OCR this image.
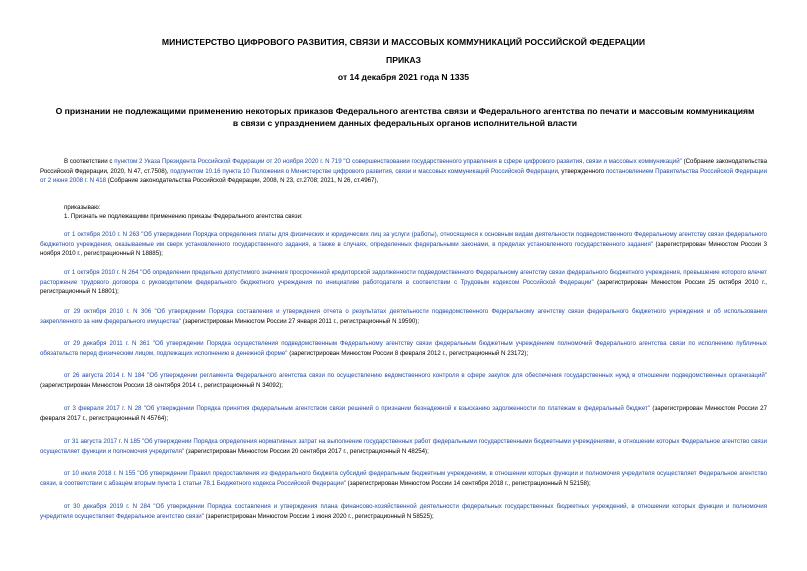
МИНИСТЕРСТВО ЦИФРОВОГО РАЗВИТИЯ, СВЯЗИ И МАССОВЫХ КОММУНИКАЦИЙ РОССИЙСКОЙ ФЕДЕРАЦИИ
ПРИКАЗ
от 14 декабря 2021 года N 1335
О признании не подлежащими применению некоторых приказов Федерального агентства связи и Федерального агентства по печати и массовым коммуникациям в связи с упразднением данных федеральных органов исполнительной власти
В соответствии с пунктом 2 Указа Президента Российской Федерации от 20 ноября 2020 г. N 719 "О совершенствовании государственного управления в сфере цифрового развития, связи и массовых коммуникаций" (Собрание законодательства Российской Федерации, 2020, N 47, ст.7508), подпунктом 10.16 пункта 10 Положения о Министерстве цифрового развития, связи и массовых коммуникаций Российской Федерации, утвержденного постановлением Правительства Российской Федерации от 2 июня 2008 г. N 418 (Собрание законодательства Российской Федерации, 2008, N 23, ст.2708; 2021, N 26, ст.4967),
приказываю:
1. Признать не подлежащими применению приказы Федерального агентства связи:
от 1 октября 2010 г. N 263 "Об утверждении Порядка определения платы для физических и юридических лиц за услуги (работы), относящиеся к основным видам деятельности подведомственного Федеральному агентству связи федерального бюджетного учреждения, оказываемые им сверх установленного государственного задания, а также в случаях, определенных федеральными законами, в пределах установленного государственного задания" (зарегистрирован Минюстом России 3 ноября 2010 г., регистрационный N 18885);
от 1 октября 2010 г. N 264 "Об определении предельно допустимого значения просроченной кредиторской задолженности подведомственного Федеральному агентству связи федерального бюджетного учреждения, превышение которого влечет расторжение трудового договора с руководителем федерального бюджетного учреждения по инициативе работодателя в соответствии с Трудовым кодексом Российской Федерации" (зарегистрирован Минюстом России 25 октября 2010 г., регистрационный N 18801);
от 29 октября 2010 г. N 306 "Об утверждении Порядка составления и утверждения отчета о результатах деятельности подведомственного Федеральному агентству связи федерального бюджетного учреждения и об использовании закрепленного за ним федерального имущества" (зарегистрирован Минюстом России 27 января 2011 г., регистрационный N 19590);
от 29 декабря 2011 г. N 361 "Об утверждении Порядка осуществления подведомственным Федеральному агентству связи федеральным бюджетным учреждением полномочий Федерального агентства связи по исполнению публичных обязательств перед физическим лицом, подлежащих исполнению в денежной форме" (зарегистрирован Минюстом России 8 февраля 2012 г., регистрационный N 23172);
от 26 августа 2014 г. N 184 "Об утверждении регламента Федерального агентства связи по осуществлению ведомственного контроля в сфере закупок для обеспечения государственных нужд в отношении подведомственных организаций" (зарегистрирован Минюстом России 18 сентября 2014 г., регистрационный N 34092);
от 3 февраля 2017 г. N 28 "Об утверждении Порядка принятия федеральным агентством связи решений о признании безнадежной к взысканию задолженности по платежам в федеральный бюджет" (зарегистрирован Минюстом России 27 февраля 2017 г., регистрационный N 45764);
от 31 августа 2017 г. N 185 "Об утверждении Порядка определения нормативных затрат на выполнение государственных работ федеральными государственными бюджетными учреждениями, в отношении которых Федеральное агентство связи осуществляет функции и полномочия учредителя" (зарегистрирован Минюстом России 20 сентября 2017 г., регистрационный N 48254);
от 10 июля 2018 г. N 155 "Об утверждении Правил предоставления из федерального бюджета субсидий федеральным бюджетным учреждениям, в отношении которых функции и полномочия учредителя осуществляет Федеральное агентство связи, в соответствии с абзацем вторым пункта 1 статьи 78.1 Бюджетного кодекса Российской Федерации" (зарегистрирован Минюстом России 14 сентября 2018 г., регистрационный N 52158);
от 30 декабря 2019 г. N 284 "Об утверждении Порядка составления и утверждения плана финансово-хозяйственной деятельности федеральных государственных бюджетных учреждений, в отношении которых функции и полномочия учредителя осуществляет Федеральное агентство связи" (зарегистрирован Минюстом России 1 июня 2020 г., регистрационный N 58525);
